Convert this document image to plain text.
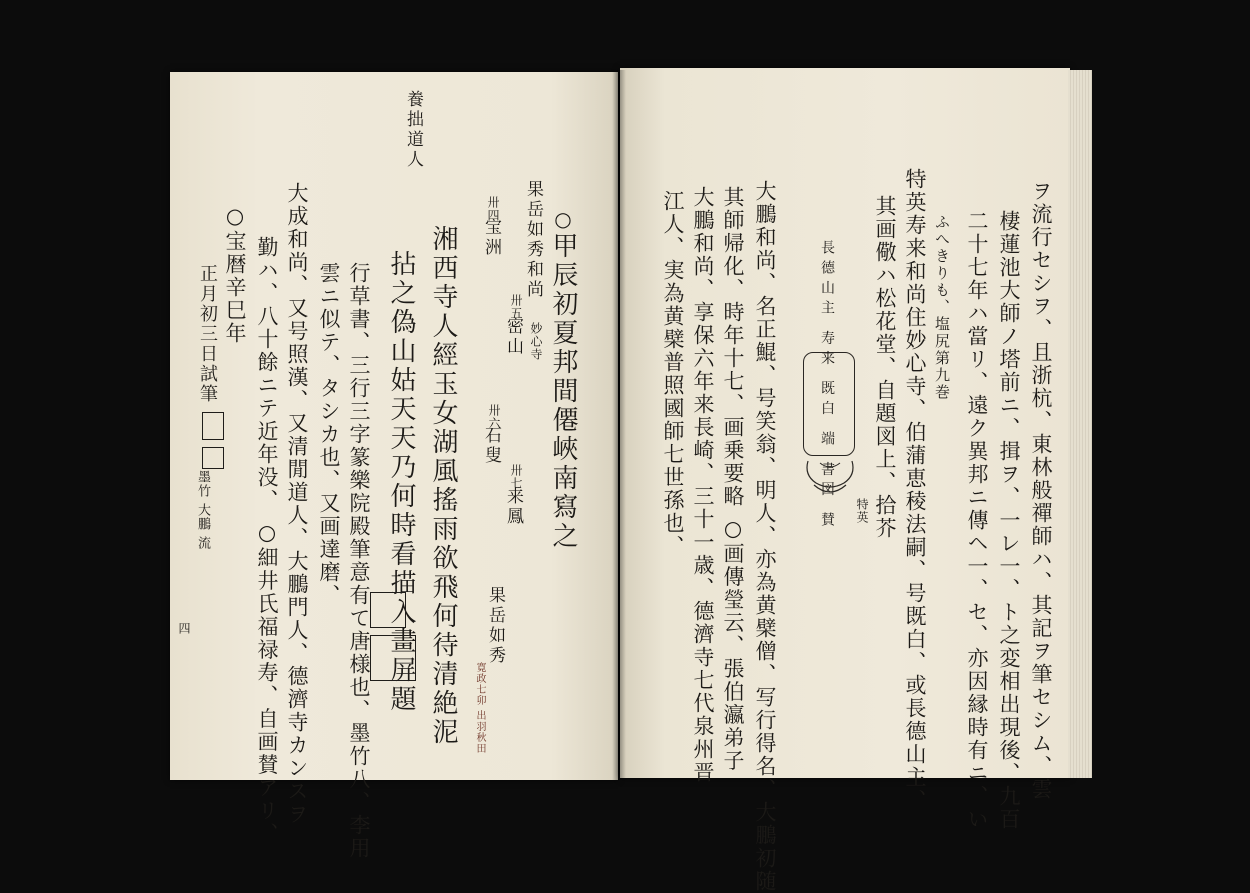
養拙道人
○
甲辰初夏邦間僊峽南寫之
湘西寺人經玉女湖風搖雨欲飛何待清絶泥
拈之偽山姑天天乃何時看描入畫屏題
果岳如秀和尚
妙心寺
卅四
宝洲
卅五
密山
卅六
石叟
卅七
来鳳
果岳如秀
寛政七卯 出羽秋田
行草書、三行三字篆樂院殿筆意有て唐様也、墨竹八、李用
雲ニ似テ、タシカ也、又画達磨、
大成和尚、又号照漢、又清閒道人、大鵬門人、德濟寺カンスヲ
勤ハ、八十餘ニテ近年没、 ○細井氏福禄寿、自画賛アリ、
○宝暦辛巳年
正月初三日試筆
墨竹 大鵬 流
四	ヲ流行セシヲ、且浙杭、東林般禪師ハ、其記ヲ筆セシム、雲
棲蓮池大師ノ塔前ニ、揖ヲ、一レ一、ト之変相出現後、九百
二十七年ハ當リ、遠ク異邦ニ傳ヘ一、セ、亦因縁時有ニ、い
ふへきりも、塩尻第九巻
特英寿来和尚住妙心寺、伯蒲恵稜法嗣、号既白、或長德山主、
其画儆ハ松花堂、自題図上、拾芥
長德山主 寿来 既白 端 書図 賛 特英
大鵬和尚、名正鯤、号笑翁、明人、亦為黄檗僧、写行得名、大鵬初随
其師帰化、時年十七、画乗要略 ○画傳瑩云、張伯瀛弟子
大鵬和尚、享保六年来長崎、三十一歳、德濟寺七代泉州晋
江人、実為黄檗普照國師七世孫也、
